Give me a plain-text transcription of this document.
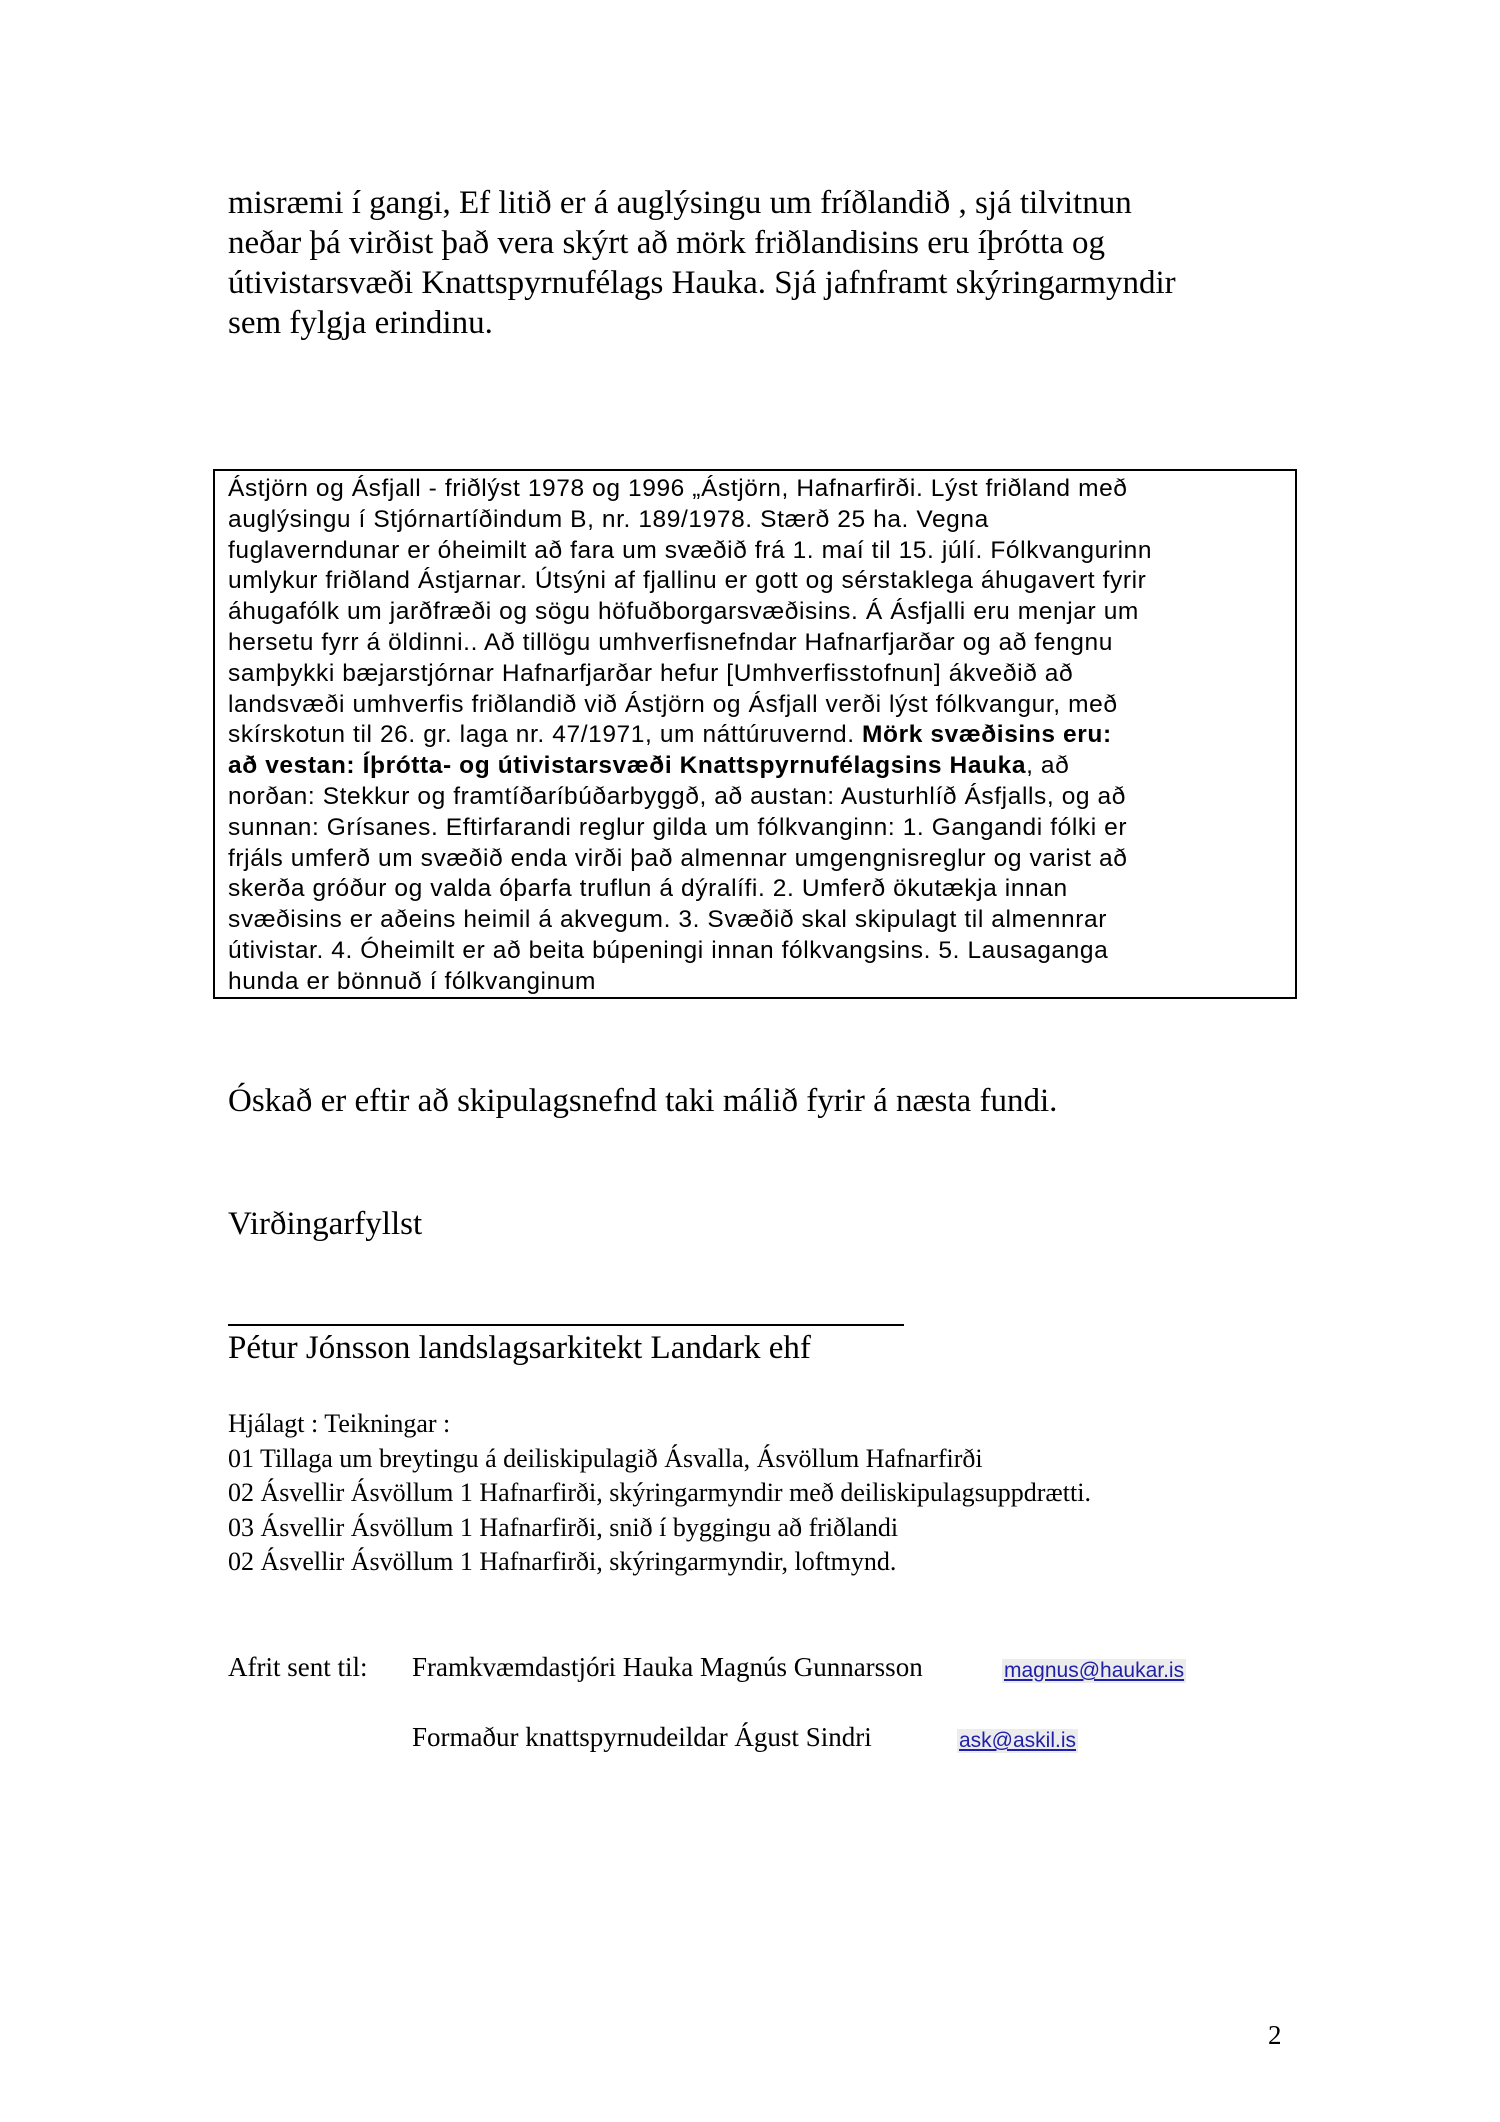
misræmi í gangi, Ef litið er á auglýsingu um fríðlandið , sjá tilvitnun
neðar þá virðist það vera skýrt að mörk friðlandisins eru íþrótta og
útivistarsvæði Knattspyrnufélags Hauka. Sjá jafnframt skýringarmyndir
sem fylgja erindinu.
Ástjörn og Ásfjall - friðlýst 1978 og 1996 „Ástjörn, Hafnarfirði. Lýst friðland með
auglýsingu í Stjórnartíðindum B, nr. 189/1978. Stærð 25 ha. Vegna
fuglaverndunar er óheimilt að fara um svæðið frá 1. maí til 15. júlí. Fólkvangurinn
umlykur friðland Ástjarnar. Útsýni af fjallinu er gott og sérstaklega áhugavert fyrir
áhugafólk um jarðfræði og sögu höfuðborgarsvæðisins. Á Ásfjalli eru menjar um
hersetu fyrr á öldinni.. Að tillögu umhverfisnefndar Hafnarfjarðar og að fengnu
samþykki bæjarstjórnar Hafnarfjarðar hefur [Umhverfisstofnun] ákveðið að
landsvæði umhverfis friðlandið við Ástjörn og Ásfjall verði lýst fólkvangur, með
skírskotun til 26. gr. laga nr. 47/1971, um náttúruvernd. Mörk svæðisins eru:
að vestan: Íþrótta- og útivistarsvæði Knattspyrnufélagsins Hauka, að
norðan: Stekkur og framtíðaríbúðarbyggð, að austan: Austurhlíð Ásfjalls, og að
sunnan: Grísanes. Eftirfarandi reglur gilda um fólkvanginn: 1. Gangandi fólki er
frjáls umferð um svæðið enda virði það almennar umgengnisreglur og varist að
skerða gróður og valda óþarfa truflun á dýralífi. 2. Umferð ökutækja innan
svæðisins er aðeins heimil á akvegum. 3. Svæðið skal skipulagt til almennrar
útivistar. 4. Óheimilt er að beita búpeningi innan fólkvangsins. 5. Lausaganga
hunda er bönnuð í fólkvanginum
Óskað er eftir að skipulagsnefnd taki málið fyrir á næsta fundi.
Virðingarfyllst
Pétur Jónsson landslagsarkitekt Landark ehf
Hjálagt : Teikningar :
01 Tillaga um breytingu á deiliskipulagið Ásvalla, Ásvöllum Hafnarfirði
02 Ásvellir Ásvöllum 1 Hafnarfirði, skýringarmyndir með deiliskipulagsuppdrætti.
03 Ásvellir Ásvöllum 1 Hafnarfirði, snið í byggingu að friðlandi
02 Ásvellir Ásvöllum 1 Hafnarfirði, skýringarmyndir, loftmynd.
Afrit sent til: Framkvæmdastjóri Hauka Magnús Gunnarsson	magnus@haukar.is
Formaður knattspyrnudeildar Águst Sindri	ask@askil.is
2
